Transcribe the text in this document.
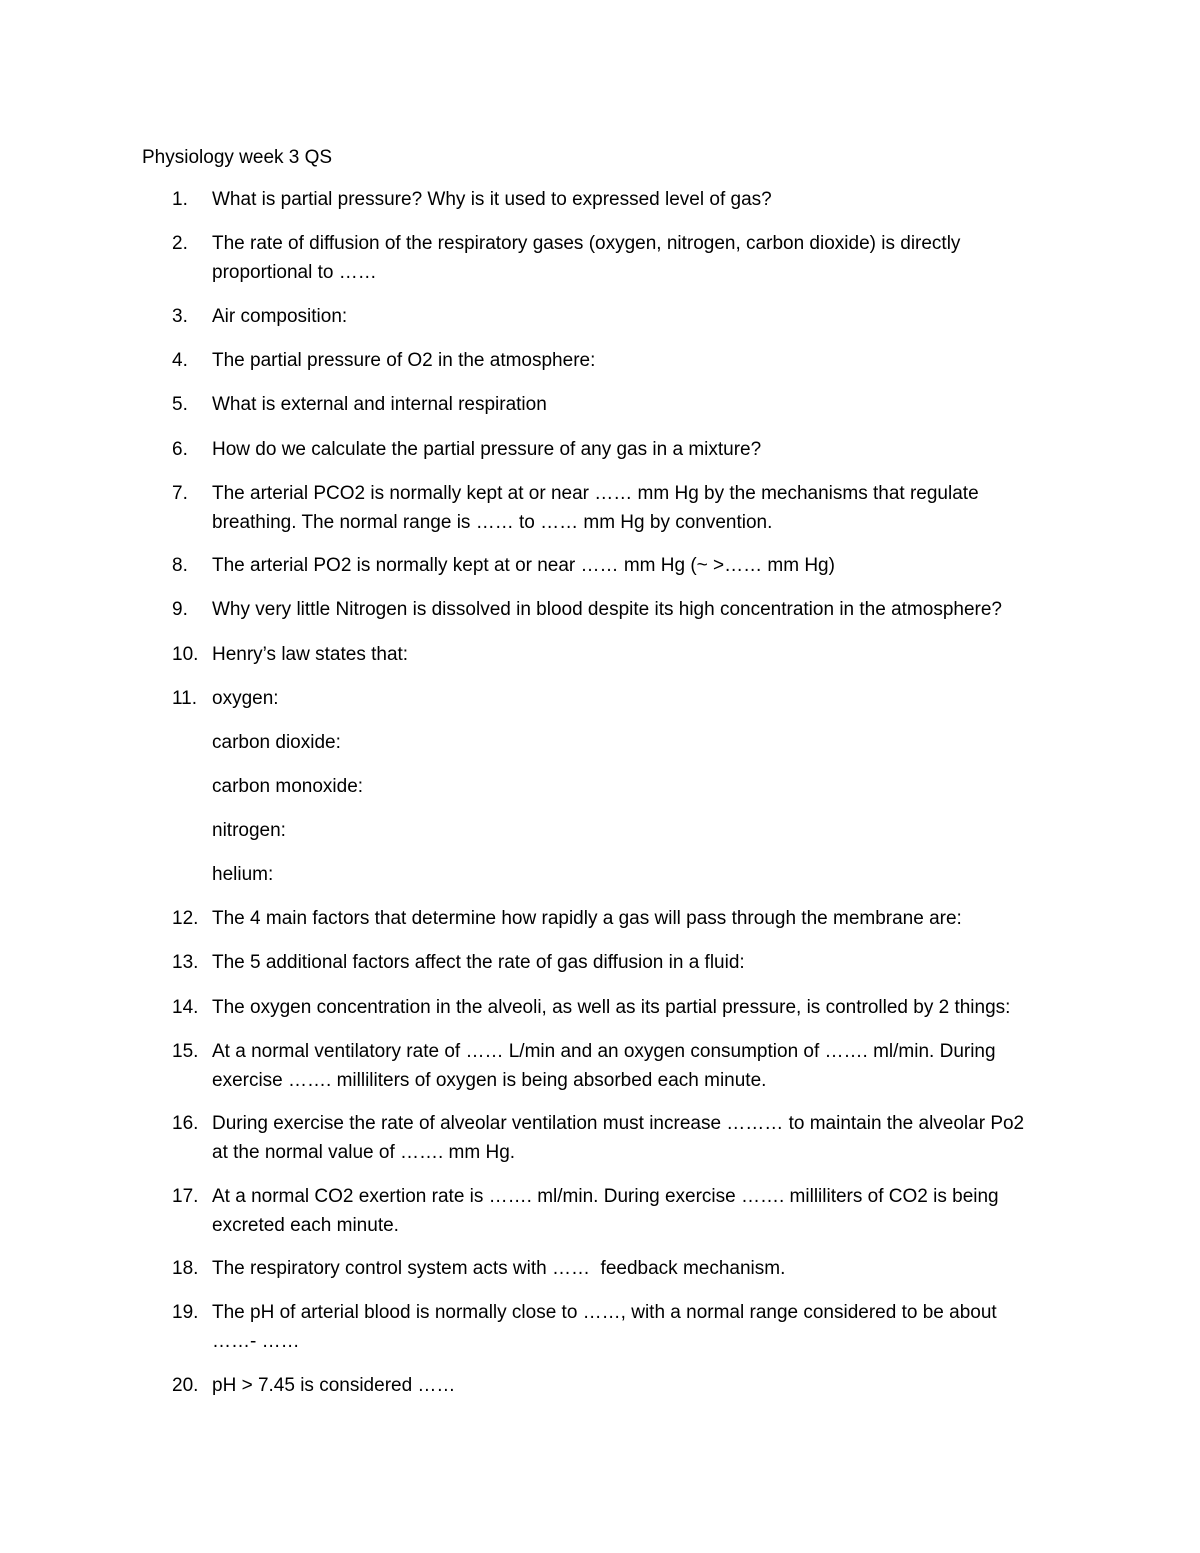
Physiology week 3 QS
1. What is partial pressure? Why is it used to expressed level of gas?
2. The rate of diffusion of the respiratory gases (oxygen, nitrogen, carbon dioxide) is directly
proportional to ……
3. Air composition:
4. The partial pressure of O2 in the atmosphere:
5. What is external and internal respiration
6. How do we calculate the partial pressure of any gas in a mixture?
7. The arterial PCO2 is normally kept at or near …… mm Hg by the mechanisms that regulate
breathing. The normal range is …… to …… mm Hg by convention.
8. The arterial PO2 is normally kept at or near …… mm Hg (~ >…… mm Hg)
9. Why very little Nitrogen is dissolved in blood despite its high concentration in the atmosphere?
10. Henry’s law states that:
11. oxygen:
carbon dioxide:
carbon monoxide:
nitrogen:
helium:
12. The 4 main factors that determine how rapidly a gas will pass through the membrane are:
13. The 5 additional factors affect the rate of gas diffusion in a fluid:
14. The oxygen concentration in the alveoli, as well as its partial pressure, is controlled by 2 things:
15. At a normal ventilatory rate of …… L/min and an oxygen consumption of ……. ml/min. During
exercise ……. milliliters of oxygen is being absorbed each minute.
16. During exercise the rate of alveolar ventilation must increase ……… to maintain the alveolar Po2
at the normal value of ……. mm Hg.
17. At a normal CO2 exertion rate is ……. ml/min. During exercise ……. milliliters of CO2 is being
excreted each minute.
18. The respiratory control system acts with ……  feedback mechanism.
19. The pH of arterial blood is normally close to ……, with a normal range considered to be about
……- ……
20. pH > 7.45 is considered ……
